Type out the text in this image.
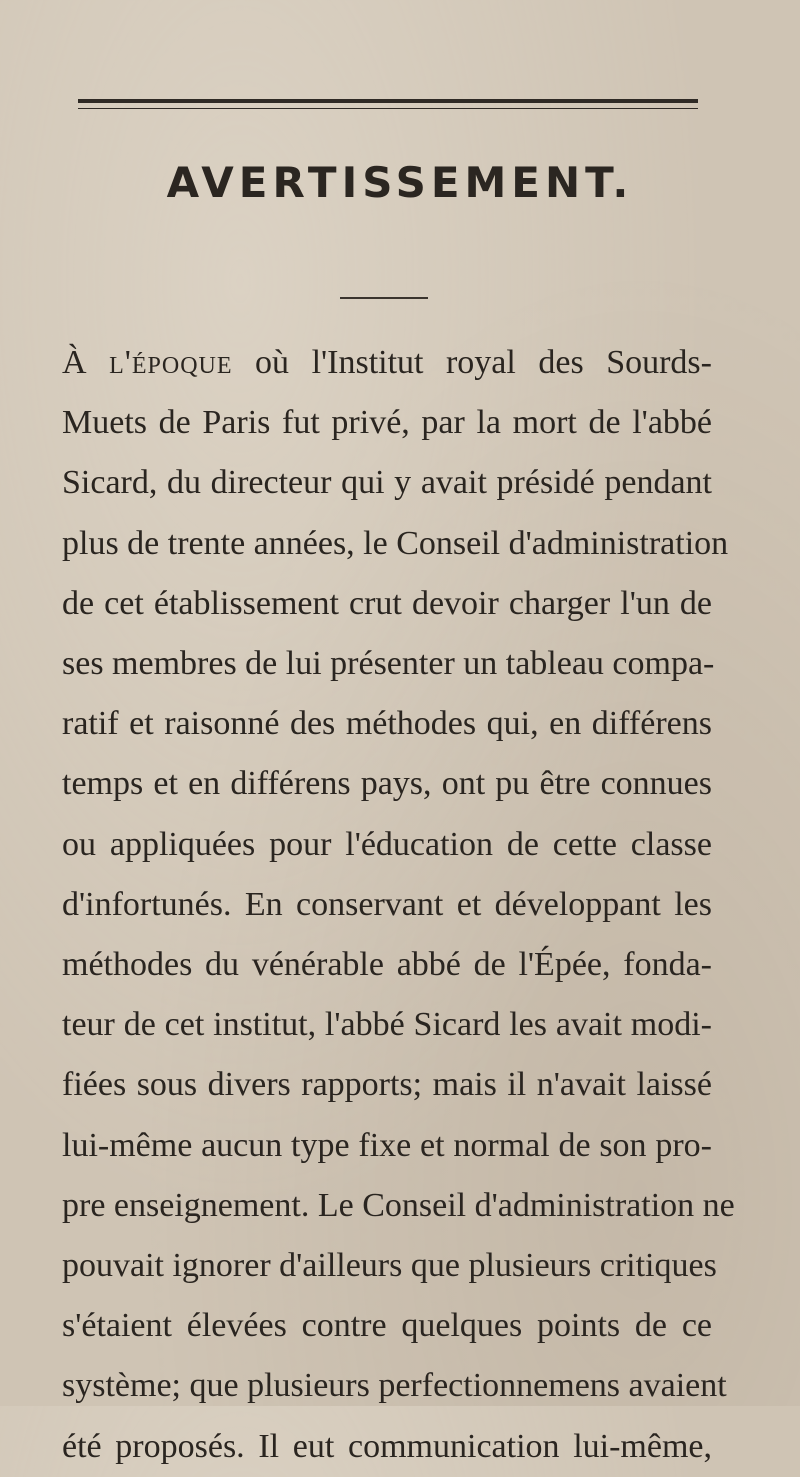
AVERTISSEMENT.

À l'époque où l'Institut royal des Sourds-
Muets de Paris fut privé, par la mort de l'abbé
Sicard, du directeur qui y avait présidé pendant
plus de trente années, le Conseil d'administration
de cet établissement crut devoir charger l'un de
ses membres de lui présenter un tableau compa-
ratif et raisonné des méthodes qui, en différens
temps et en différens pays, ont pu être connues
ou appliquées pour l'éducation de cette classe
d'infortunés. En conservant et développant les
méthodes du vénérable abbé de l'Épée, fonda-
teur de cet institut, l'abbé Sicard les avait modi-
fiées sous divers rapports; mais il n'avait laissé
lui-même aucun type fixe et normal de son pro-
pre enseignement. Le Conseil d'administration ne
pouvait ignorer d'ailleurs que plusieurs critiques
s'étaient élevées contre quelques points de ce
système; que plusieurs perfectionnemens avaient
été proposés. Il eut communication lui-même,
